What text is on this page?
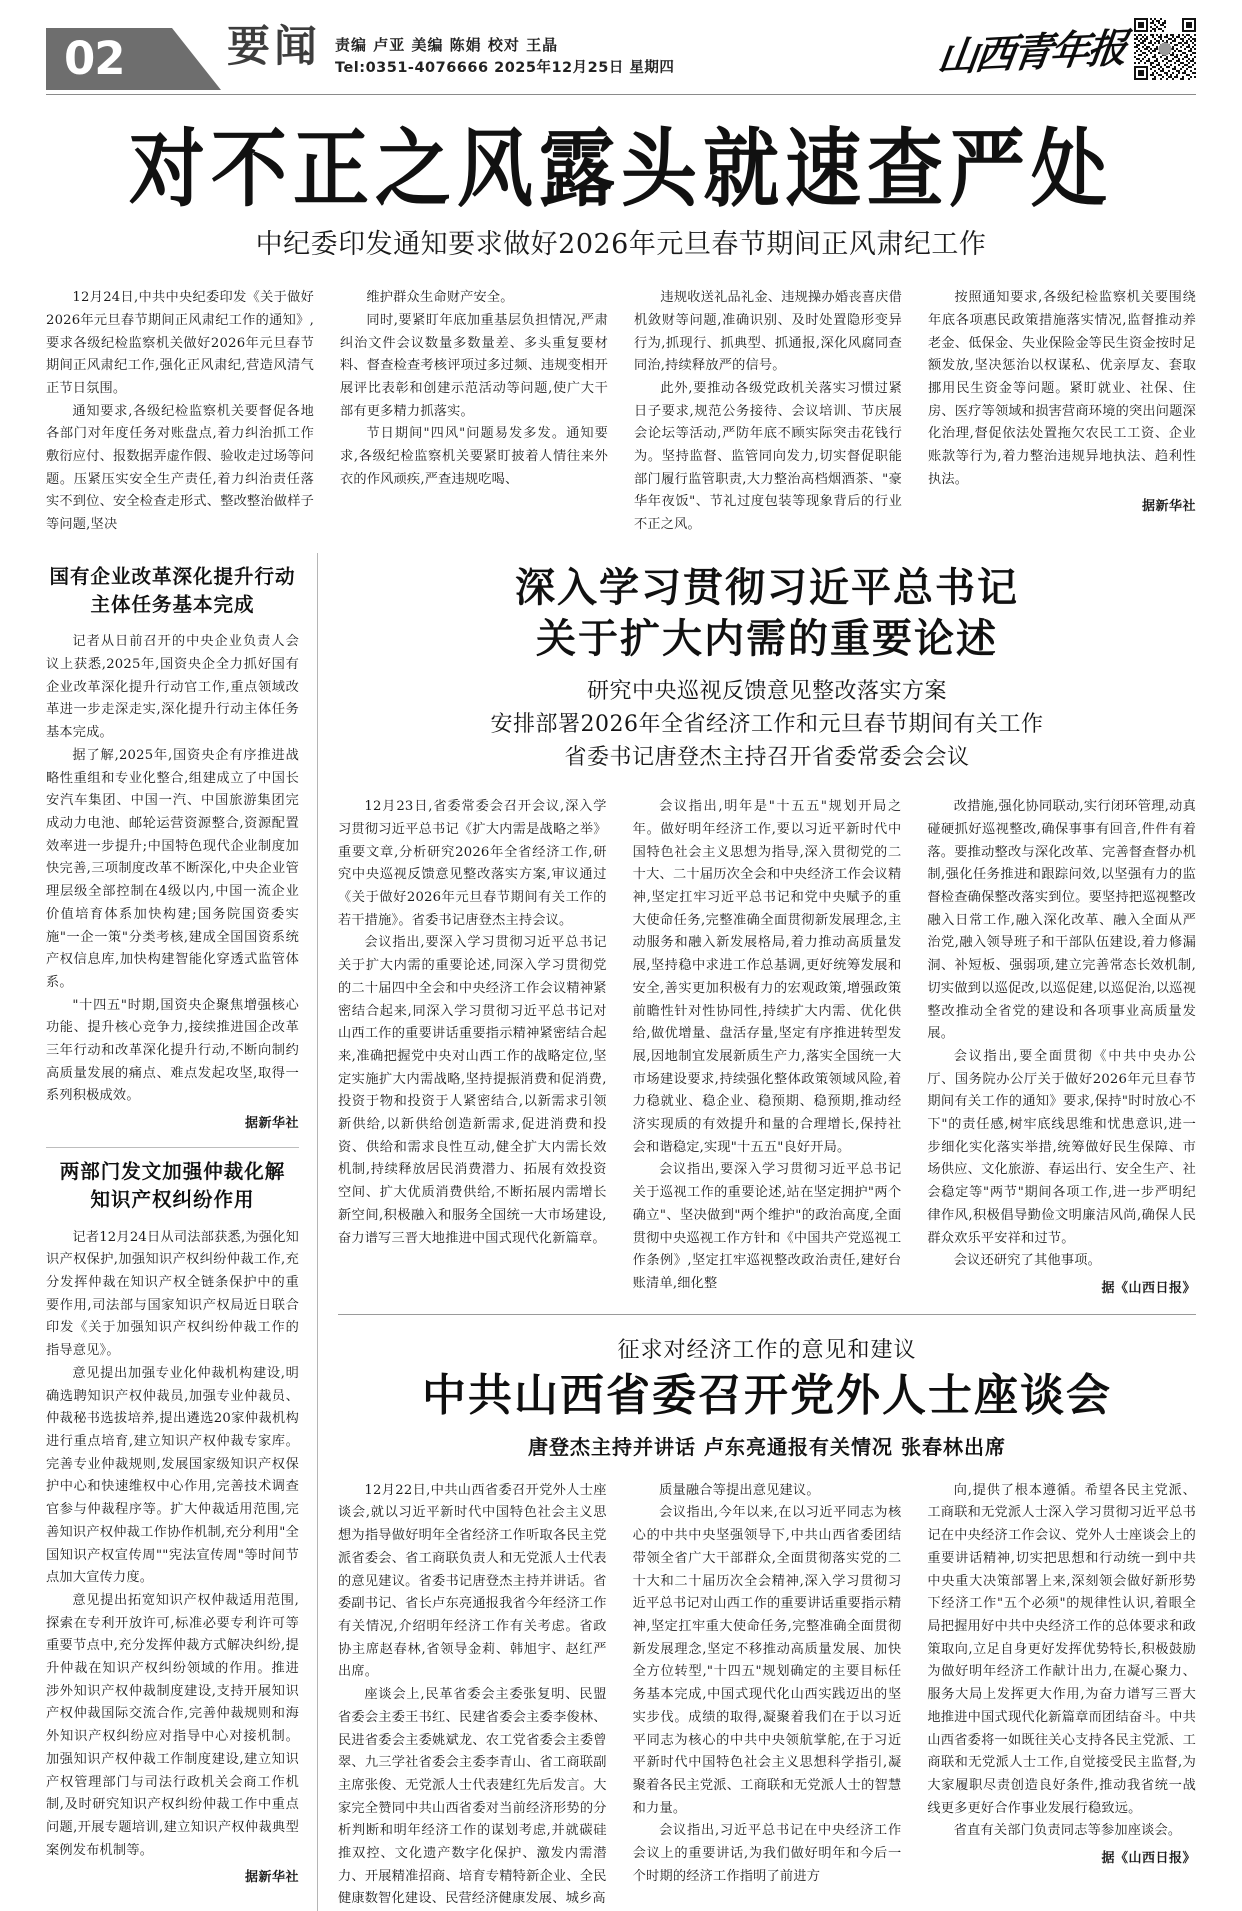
02 要闻 责编 卢亚 美编 陈娟 校对 王晶
Tel:0351-4076666 2025年12月25日 星期四	山西青年报
对不正之风露头就速查严处
中纪委印发通知要求做好2026年元旦春节期间正风肃纪工作

12月24日,中共中央纪委印发《关于做好2026年元旦春节期间正风肃纪工作的通知》,要求各级纪检监察机关做好2026年元旦春节期间正风肃纪工作,强化正风肃纪,营造风清气正节日氛围。

通知要求,各级纪检监察机关要督促各地各部门对年度任务对账盘点,着力纠治抓工作敷衍应付、报数据弄虚作假、验收走过场等问题。压紧压实安全生产责任,着力纠治责任落实不到位、安全检查走形式、整改整治做样子等问题,坚决

维护群众生命财产安全。

同时,要紧盯年底加重基层负担情况,严肃纠治文件会议数量多数量差、多头重复要材料、督查检查考核评项过多过频、违规变相开展评比表彰和创建示范活动等问题,使广大干部有更多精力抓落实。

节日期间"四风"问题易发多发。通知要求,各级纪检监察机关要紧盯披着人情往来外衣的作风顽疾,严查违规吃喝、

违规收送礼品礼金、违规操办婚丧喜庆借机敛财等问题,准确识别、及时处置隐形变异行为,抓现行、抓典型、抓通报,深化风腐同查同治,持续释放严的信号。

此外,要推动各级党政机关落实习惯过紧日子要求,规范公务接待、会议培训、节庆展会论坛等活动,严防年底不顾实际突击花钱行为。坚持监督、监管同向发力,切实督促职能部门履行监管职责,大力整治高档烟酒茶、"豪华年夜饭"、节礼过度包装等现象背后的行业不正之风。

按照通知要求,各级纪检监察机关要围绕年底各项惠民政策措施落实情况,监督推动养老金、低保金、失业保险金等民生资金按时足额发放,坚决惩治以权谋私、优亲厚友、套取挪用民生资金等问题。紧盯就业、社保、住房、医疗等领域和损害营商环境的突出问题深化治理,督促依法处置拖欠农民工工资、企业账款等行为,着力整治违规异地执法、趋利性执法。

据新华社
国有企业改革深化提升行动
主体任务基本完成

记者从日前召开的中央企业负责人会议上获悉,2025年,国资央企全力抓好国有企业改革深化提升行动官工作,重点领域改革进一步走深走实,深化提升行动主体任务基本完成。

据了解,2025年,国资央企有序推进战略性重组和专业化整合,组建成立了中国长安汽车集团、中国一汽、中国旅游集团完成动力电池、邮轮运营资源整合,资源配置效率进一步提升;中国特色现代企业制度加快完善,三项制度改革不断深化,中央企业管理层级全部控制在4级以内,中国一流企业价值培育体系加快构建;国务院国资委实施"一企一策"分类考核,建成全国国资系统产权信息库,加快构建智能化穿透式监管体系。

"十四五"时期,国资央企聚焦增强核心功能、提升核心竞争力,接续推进国企改革三年行动和改革深化提升行动,不断向制约高质量发展的痛点、难点发起攻坚,取得一系列积极成效。

据新华社
两部门发文加强仲裁化解
知识产权纠纷作用

记者12月24日从司法部获悉,为强化知识产权保护,加强知识产权纠纷仲裁工作,充分发挥仲裁在知识产权全链条保护中的重要作用,司法部与国家知识产权局近日联合印发《关于加强知识产权纠纷仲裁工作的指导意见》。

意见提出加强专业化仲裁机构建设,明确选聘知识产权仲裁员,加强专业仲裁员、仲裁秘书选拔培养,提出遴选20家仲裁机构进行重点培育,建立知识产权仲裁专家库。完善专业仲裁规则,发展国家级知识产权保护中心和快速维权中心作用,完善技术调查官参与仲裁程序等。扩大仲裁适用范围,完善知识产权仲裁工作协作机制,充分利用"全国知识产权宣传周""宪法宣传周"等时间节点加大宣传力度。

意见提出拓宽知识产权仲裁适用范围,探索在专利开放许可,标准必要专利许可等重要节点中,充分发挥仲裁方式解决纠纷,提升仲裁在知识产权纠纷领域的作用。推进涉外知识产权仲裁制度建设,支持开展知识产权仲裁国际交流合作,完善仲裁规则和海外知识产权纠纷应对指导中心对接机制。加强知识产权仲裁工作制度建设,建立知识产权管理部门与司法行政机关会商工作机制,及时研究知识产权纠纷仲裁工作中重点问题,开展专题培训,建立知识产权仲裁典型案例发布机制等。

据新华社
深入学习贯彻习近平总书记
关于扩大内需的重要论述
研究中央巡视反馈意见整改落实方案
安排部署2026年全省经济工作和元旦春节期间有关工作
省委书记唐登杰主持召开省委常委会会议

12月23日,省委常委会召开会议,深入学习贯彻习近平总书记《扩大内需是战略之举》重要文章,分析研究2026年全省经济工作,研究中央巡视反馈意见整改落实方案,审议通过《关于做好2026年元旦春节期间有关工作的若干措施》。省委书记唐登杰主持会议。

会议指出,要深入学习贯彻习近平总书记关于扩大内需的重要论述,同深入学习贯彻党的二十届四中全会和中央经济工作会议精神紧密结合起来,同深入学习贯彻习近平总书记对山西工作的重要讲话重要指示精神紧密结合起来,准确把握党中央对山西工作的战略定位,坚定实施扩大内需战略,坚持提振消费和促消费,投资于物和投资于人紧密结合,以新需求引领新供给,以新供给创造新需求,促进消费和投资、供给和需求良性互动,健全扩大内需长效机制,持续释放居民消费潜力、拓展有效投资空间、扩大优质消费供给,不断拓展内需增长新空间,积极融入和服务全国统一大市场建设,奋力谱写三晋大地推进中国式现代化新篇章。

会议指出,明年是"十五五"规划开局之年。做好明年经济工作,要以习近平新时代中国特色社会主义思想为指导,深入贯彻党的二十大、二十届历次全会和中央经济工作会议精神,坚定扛牢习近平总书记和党中央赋予的重大使命任务,完整准确全面贯彻新发展理念,主动服务和融入新发展格局,着力推动高质量发展,坚持稳中求进工作总基调,更好统筹发展和安全,善实更加积极有力的宏观政策,增强政策前瞻性针对性协同性,持续扩大内需、优化供给,做优增量、盘活存量,坚定有序推进转型发展,因地制宜发展新质生产力,落实全国统一大市场建设要求,持续强化整体政策领域风险,着力稳就业、稳企业、稳预期、稳预期,推动经济实现质的有效提升和量的合理增长,保持社会和谐稳定,实现"十五五"良好开局。

会议指出,要深入学习贯彻习近平总书记关于巡视工作的重要论述,站在坚定拥护"两个确立"、坚决做到"两个维护"的政治高度,全面贯彻中央巡视工作方针和《中国共产党巡视工作条例》,坚定扛牢巡视整改政治责任,建好台账清单,细化整

改措施,强化协同联动,实行闭环管理,动真碰硬抓好巡视整改,确保事事有回音,件件有着落。要推动整改与深化改革、完善督查督办机制,强化任务推进和跟踪问效,以坚强有力的监督检查确保整改落实到位。要坚持把巡视整改融入日常工作,融入深化改革、融入全面从严治党,融入领导班子和干部队伍建设,着力修漏洞、补短板、强弱项,建立完善常态长效机制,切实做到以巡促改,以巡促建,以巡促治,以巡视整改推动全省党的建设和各项事业高质量发展。

会议指出,要全面贯彻《中共中央办公厅、国务院办公厅关于做好2026年元旦春节期间有关工作的通知》要求,保持"时时放心不下"的责任感,树牢底线思维和忧患意识,进一步细化实化落实举措,统筹做好民生保障、市场供应、文化旅游、春运出行、安全生产、社会稳定等"两节"期间各项工作,进一步严明纪律作风,积极倡导勤俭文明廉洁风尚,确保人民群众欢乐平安祥和过节。

会议还研究了其他事项。

据《山西日报》
征求对经济工作的意见和建议
中共山西省委召开党外人士座谈会
唐登杰主持并讲话 卢东亮通报有关情况 张春林出席

12月22日,中共山西省委召开党外人士座谈会,就以习近平新时代中国特色社会主义思想为指导做好明年全省经济工作听取各民主党派省委会、省工商联负责人和无党派人士代表的意见建议。省委书记唐登杰主持并讲话。省委副书记、省长卢东亮通报我省今年经济工作有关情况,介绍明年经济工作有关考虑。省政协主席赵春林,省领导金莉、韩旭宇、赵红严出席。

座谈会上,民革省委会主委张复明、民盟省委会主委王书红、民建省委会主委李俊林、民进省委会主委姚斌龙、农工党省委会主委曾翠、九三学社省委会主委李青山、省工商联副主席张俊、无党派人士代表建红先后发言。大家完全赞同中共山西省委对当前经济形势的分析判断和明年经济工作的谋划考虑,并就碳硅推双控、文化遗产数字化保护、激发内需潜力、开展精准招商、培育专精特新企业、全民健康数智化建设、民营经济健康发展、城乡高

质量融合等提出意见建议。

会议指出,今年以来,在以习近平同志为核心的中共中央坚强领导下,中共山西省委团结带领全省广大干部群众,全面贯彻落实党的二十大和二十届历次全会精神,深入学习贯彻习近平总书记对山西工作的重要讲话重要指示精神,坚定扛牢重大使命任务,完整准确全面贯彻新发展理念,坚定不移推动高质量发展、加快全方位转型,"十四五"规划确定的主要目标任务基本完成,中国式现代化山西实践迈出的坚实步伐。成绩的取得,凝聚着我们在于以习近平同志为核心的中共中央领航掌舵,在于习近平新时代中国特色社会主义思想科学指引,凝聚着各民主党派、工商联和无党派人士的智慧和力量。

会议指出,习近平总书记在中央经济工作会议上的重要讲话,为我们做好明年和今后一个时期的经济工作指明了前进方

向,提供了根本遵循。希望各民主党派、工商联和无党派人士深入学习贯彻习近平总书记在中央经济工作会议、党外人士座谈会上的重要讲话精神,切实把思想和行动统一到中共中央重大决策部署上来,深刻领会做好新形势下经济工作"五个必须"的规律性认识,着眼全局把握用好中共中央经济工作的总体要求和政策取向,立足自身更好发挥优势特长,积极鼓励为做好明年经济工作献计出力,在凝心聚力、服务大局上发挥更大作用,为奋力谱写三晋大地推进中国式现代化新篇章而团结奋斗。中共山西省委将一如既往关心支持各民主党派、工商联和无党派人士工作,自觉接受民主监督,为大家履职尽责创造良好条件,推动我省统一战线更多更好合作事业发展行稳致远。

省直有关部门负责同志等参加座谈会。

据《山西日报》
